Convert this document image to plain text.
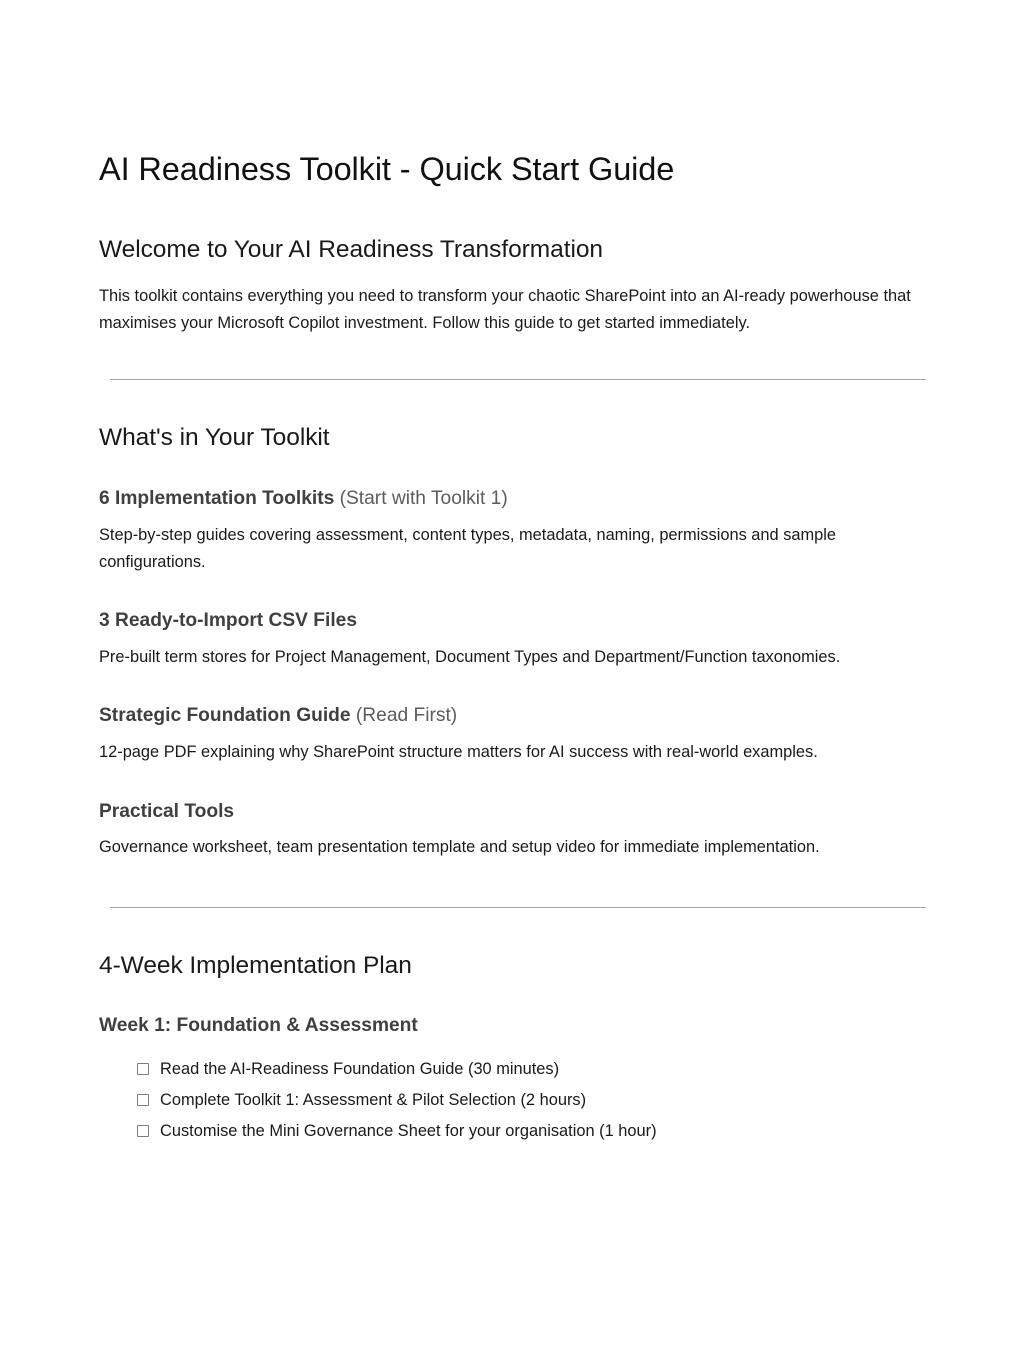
AI Readiness Toolkit - Quick Start Guide
Welcome to Your AI Readiness Transformation

This toolkit contains everything you need to transform your chaotic SharePoint into an AI-ready powerhouse that maximises your Microsoft Copilot investment. Follow this guide to get started immediately.

What's in Your Toolkit
6 Implementation Toolkits (Start with Toolkit 1)

Step-by-step guides covering assessment, content types, metadata, naming, permissions and sample configurations.

3 Ready-to-Import CSV Files

Pre-built term stores for Project Management, Document Types and Department/Function taxonomies.

Strategic Foundation Guide (Read First)

12-page PDF explaining why SharePoint structure matters for AI success with real-world examples.

Practical Tools

Governance worksheet, team presentation template and setup video for immediate implementation.

4-Week Implementation Plan
Week 1: Foundation & Assessment
Read the AI-Readiness Foundation Guide (30 minutes)
Complete Toolkit 1: Assessment & Pilot Selection (2 hours)
Customise the Mini Governance Sheet for your organisation (1 hour)
